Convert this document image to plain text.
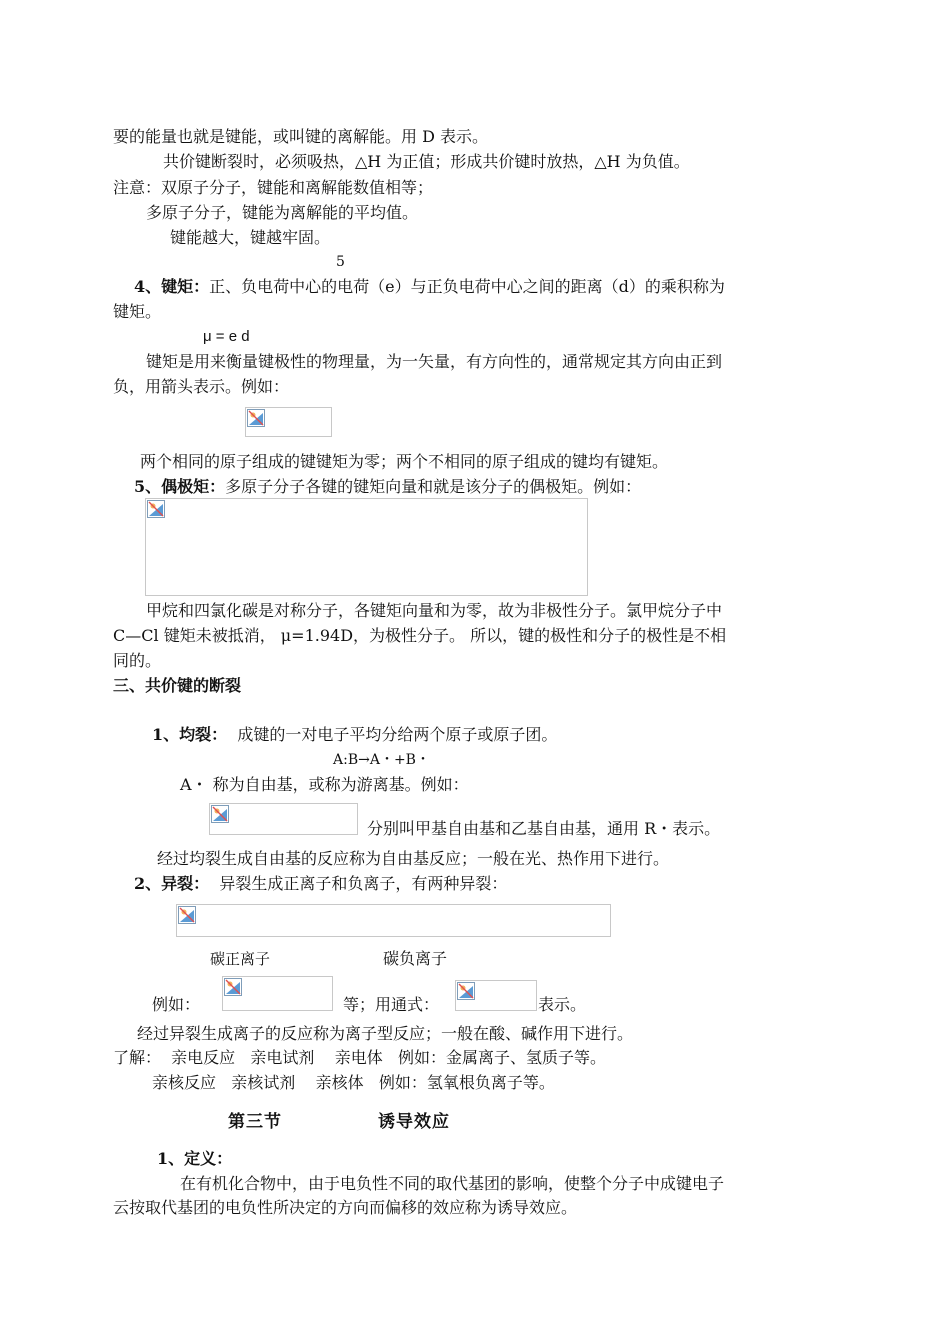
要的能量也就是键能，或叫键的离解能。用 D 表示。
共价键断裂时，必须吸热，△H 为正值；形成共价键时放热，△H 为负值。
注意：双原子分子，键能和离解能数值相等；
多原子分子，键能为离解能的平均值。
键能越大，键越牢固。
5
4、键矩：正、负电荷中心的电荷（e）与正负电荷中心之间的距离（d）的乘积称为
键矩。
μ = e d
键矩是用来衡量键极性的物理量，为一矢量，有方向性的，通常规定其方向由正到
负，用箭头表示。例如：
两个相同的原子组成的键键矩为零；两个不相同的原子组成的键均有键矩。
5、偶极矩：多原子分子各键的键矩向量和就是该分子的偶极矩。例如：
甲烷和四氯化碳是对称分子，各键矩向量和为零，故为非极性分子。氯甲烷分子中
C—Cl 键矩未被抵消， μ=1.94D，为极性分子。 所以，键的极性和分子的极性是不相
同的。
三、共价键的断裂
1、均裂： 成键的一对电子平均分给两个原子或原子团。
A:B→A・+B・
A・ 称为自由基，或称为游离基。例如：
分别叫甲基自由基和乙基自由基，通用 R・表示。
经过均裂生成自由基的反应称为自由基反应；一般在光、热作用下进行。
2、异裂： 异裂生成正离子和负离子，有两种异裂：
碳正离子	碳负离子
例如：	等；用通式：	表示。
经过异裂生成离子的反应称为离子型反应；一般在酸、碱作用下进行。
了解：  亲电反应   亲电试剂    亲电体   例如：金属离子、氢质子等。
亲核反应   亲核试剂    亲核体   例如：氢氧根负离子等。
第三节	诱导效应
1、定义：
在有机化合物中，由于电负性不同的取代基团的影响，使整个分子中成键电子
云按取代基团的电负性所决定的方向而偏移的效应称为诱导效应。
